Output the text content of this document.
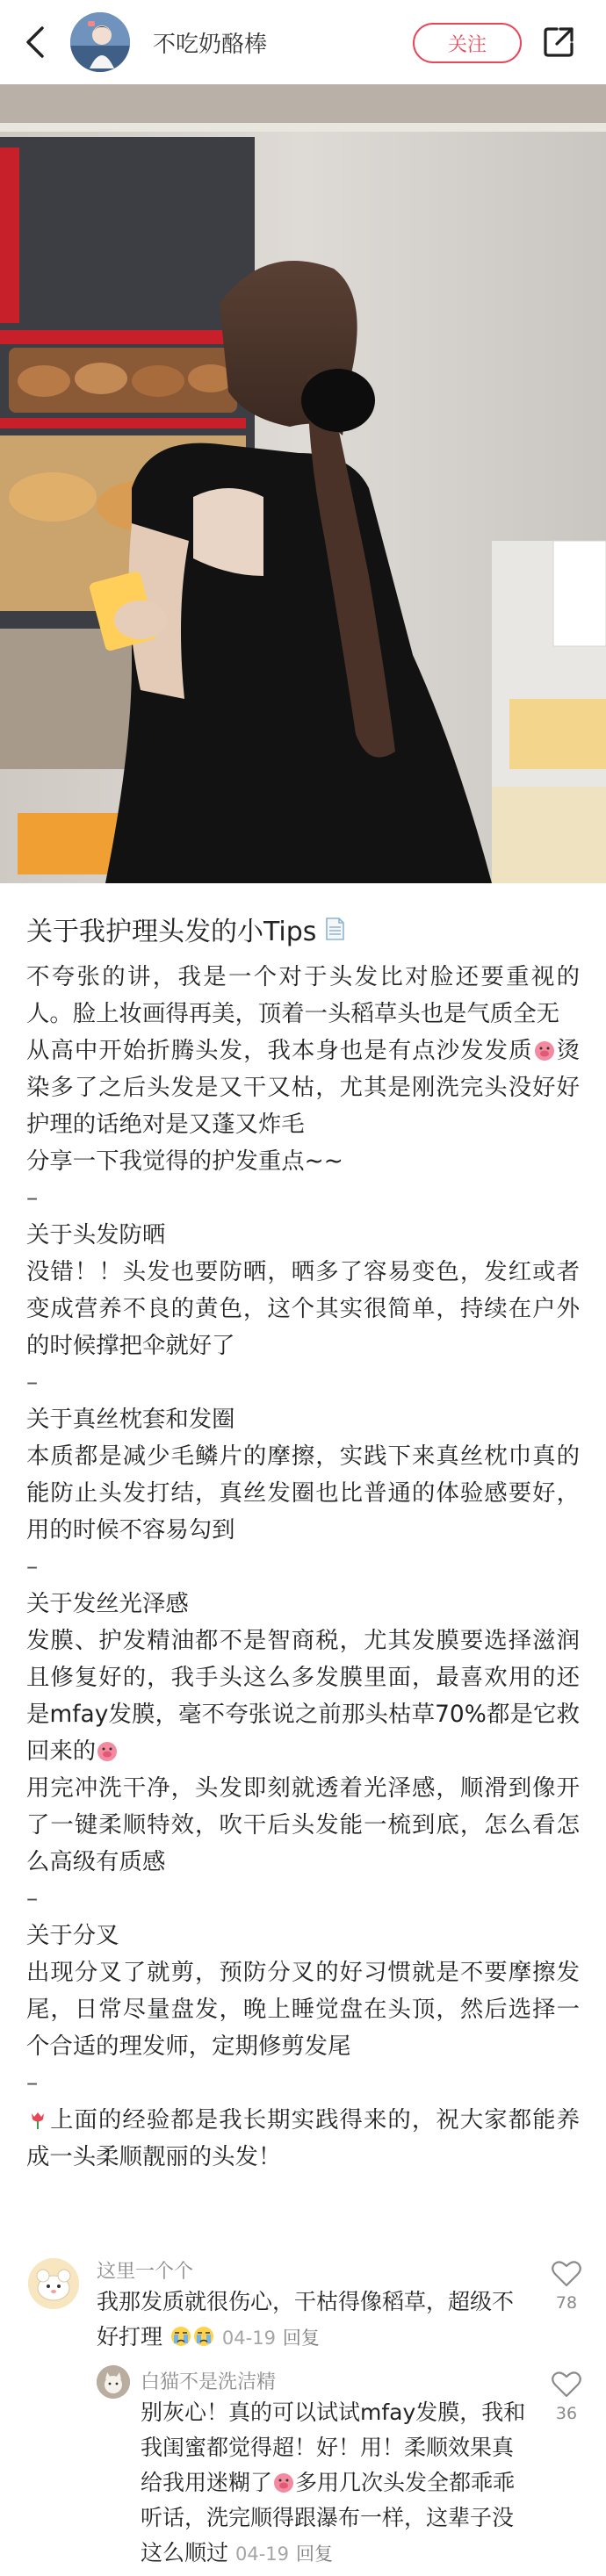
不吃奶酪棒	关注
关于我护理头发的小Tips

不夸张的讲，我是一个对于头发比对脸还要重视的人。脸上妆画得再美，顶着一头稻草头也是气质全无

从高中开始折腾头发，我本身也是有点沙发发质 烫染多了之后头发是又干又枯，尤其是刚洗完头没好好护理的话绝对是又蓬又炸毛

分享一下我觉得的护发重点~~

–

关于头发防晒

没错！！头发也要防晒，晒多了容易变色，发红或者变成营养不良的黄色，这个其实很简单，持续在户外的时候撑把伞就好了

–

关于真丝枕套和发圈

本质都是减少毛鳞片的摩擦，实践下来真丝枕巾真的能防止头发打结，真丝发圈也比普通的体验感要好，用的时候不容易勾到

–

关于发丝光泽感

发膜、护发精油都不是智商税，尤其发膜要选择滋润且修复好的，我手头这么多发膜里面，最喜欢用的还是mfay发膜，毫不夸张说之前那头枯草70%都是它救回来的

用完冲洗干净，头发即刻就透着光泽感，顺滑到像开了一键柔顺特效，吹干后头发能一梳到底，怎么看怎么高级有质感

–

关于分叉

出现分叉了就剪，预防分叉的好习惯就是不要摩擦发尾，日常尽量盘发，晚上睡觉盘在头顶，然后选择一个合适的理发师，定期修剪发尾

–

上面的经验都是我长期实践得来的，祝大家都能养成一头柔顺靓丽的头发！

这里一个个
我那发质就很伤心，干枯得像稻草，超级不好打理	04-19 回复
78
白猫不是洗洁精
别灰心！真的可以试试mfay发膜，我和我闺蜜都觉得超！好！用！柔顺效果真给我用迷糊了 多用几次头发全都乖乖听话，洗完顺得跟瀑布一样，这辈子没这么顺过 04-19 回复
36
